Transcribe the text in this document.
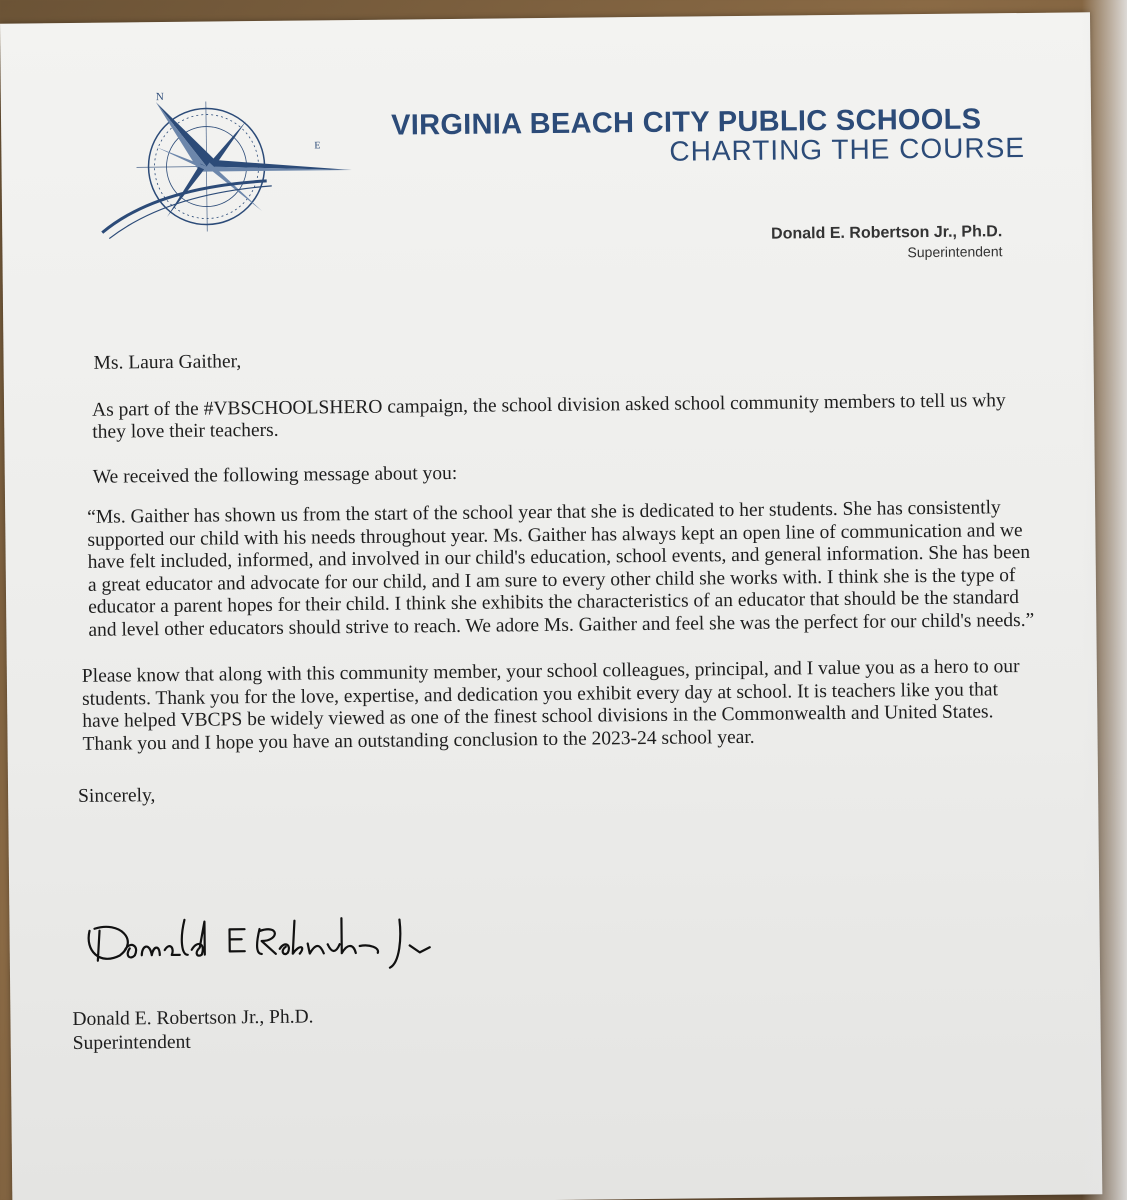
N
E
VIRGINIA BEACH CITY PUBLIC SCHOOLS
CHARTING THE COURSE
Donald E. Robertson Jr., Ph.D.
Superintendent

Ms. Laura Gaither,

As part of the #VBSCHOOLSHERO campaign, the school division asked school community members to tell us why they love their teachers.

We received the following message about you:

“Ms. Gaither has shown us from the start of the school year that she is dedicated to her students. She has consistently supported our child with his needs throughout year. Ms. Gaither has always kept an open line of communication and we have felt included, informed, and involved in our child's education, school events, and general information. She has been a great educator and advocate for our child, and I am sure to every other child she works with. I think she is the type of educator a parent hopes for their child. I think she exhibits the characteristics of an educator that should be the standard and level other educators should strive to reach. We adore Ms. Gaither and feel she was the perfect for our child's needs.”

Please know that along with this community member, your school colleagues, principal, and I value you as a hero to our students. Thank you for the love, expertise, and dedication you exhibit every day at school. It is teachers like you that have helped VBCPS be widely viewed as one of the finest school divisions in the Commonwealth and United States. Thank you and I hope you have an outstanding conclusion to the 2023-24 school year.

Sincerely,

Donald E Robertson Jr
Donald E. Robertson Jr., Ph.D.
Superintendent
